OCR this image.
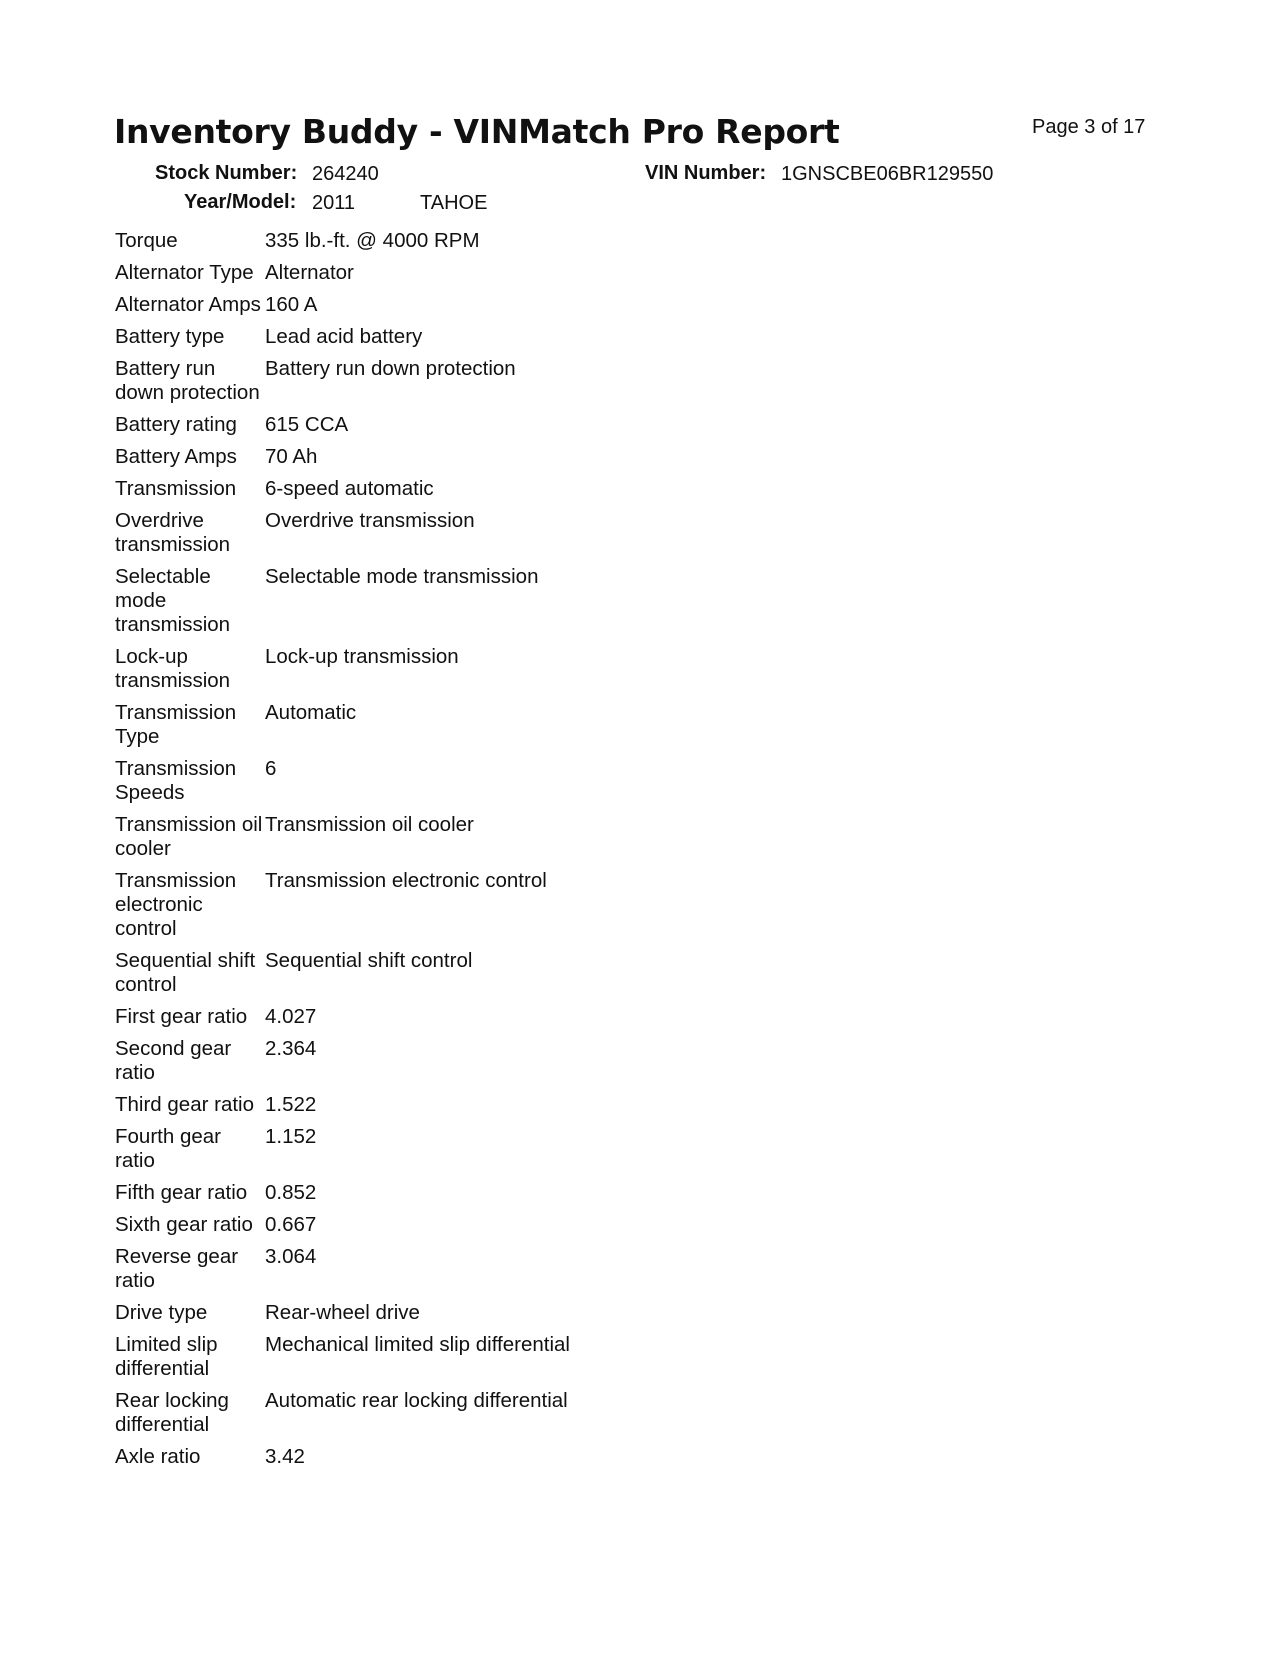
Inventory Buddy - VINMatch Pro Report	Page 3 of 17
Stock Number: 264240	VIN Number: 1GNSCBE06BR129550
Year/Model: 2011	TAHOE
Torque	335 lb.-ft. @ 4000 RPM
Alternator Type	Alternator
Alternator Amps	160 A
Battery type	Lead acid battery
Battery run down protection	Battery run down protection
Battery rating	615 CCA
Battery Amps	70 Ah
Transmission	6-speed automatic
Overdrive transmission	Overdrive transmission
Selectable mode transmission	Selectable mode transmission
Lock-up transmission	Lock-up transmission
Transmission Type	Automatic
Transmission Speeds	6
Transmission oil cooler	Transmission oil cooler
Transmission electronic control	Transmission electronic control
Sequential shift control	Sequential shift control
First gear ratio	4.027
Second gear ratio	2.364
Third gear ratio	1.522
Fourth gear ratio	1.152
Fifth gear ratio	0.852
Sixth gear ratio	0.667
Reverse gear ratio	3.064
Drive type	Rear-wheel drive
Limited slip differential	Mechanical limited slip differential
Rear locking differential	Automatic rear locking differential
Axle ratio	3.42
